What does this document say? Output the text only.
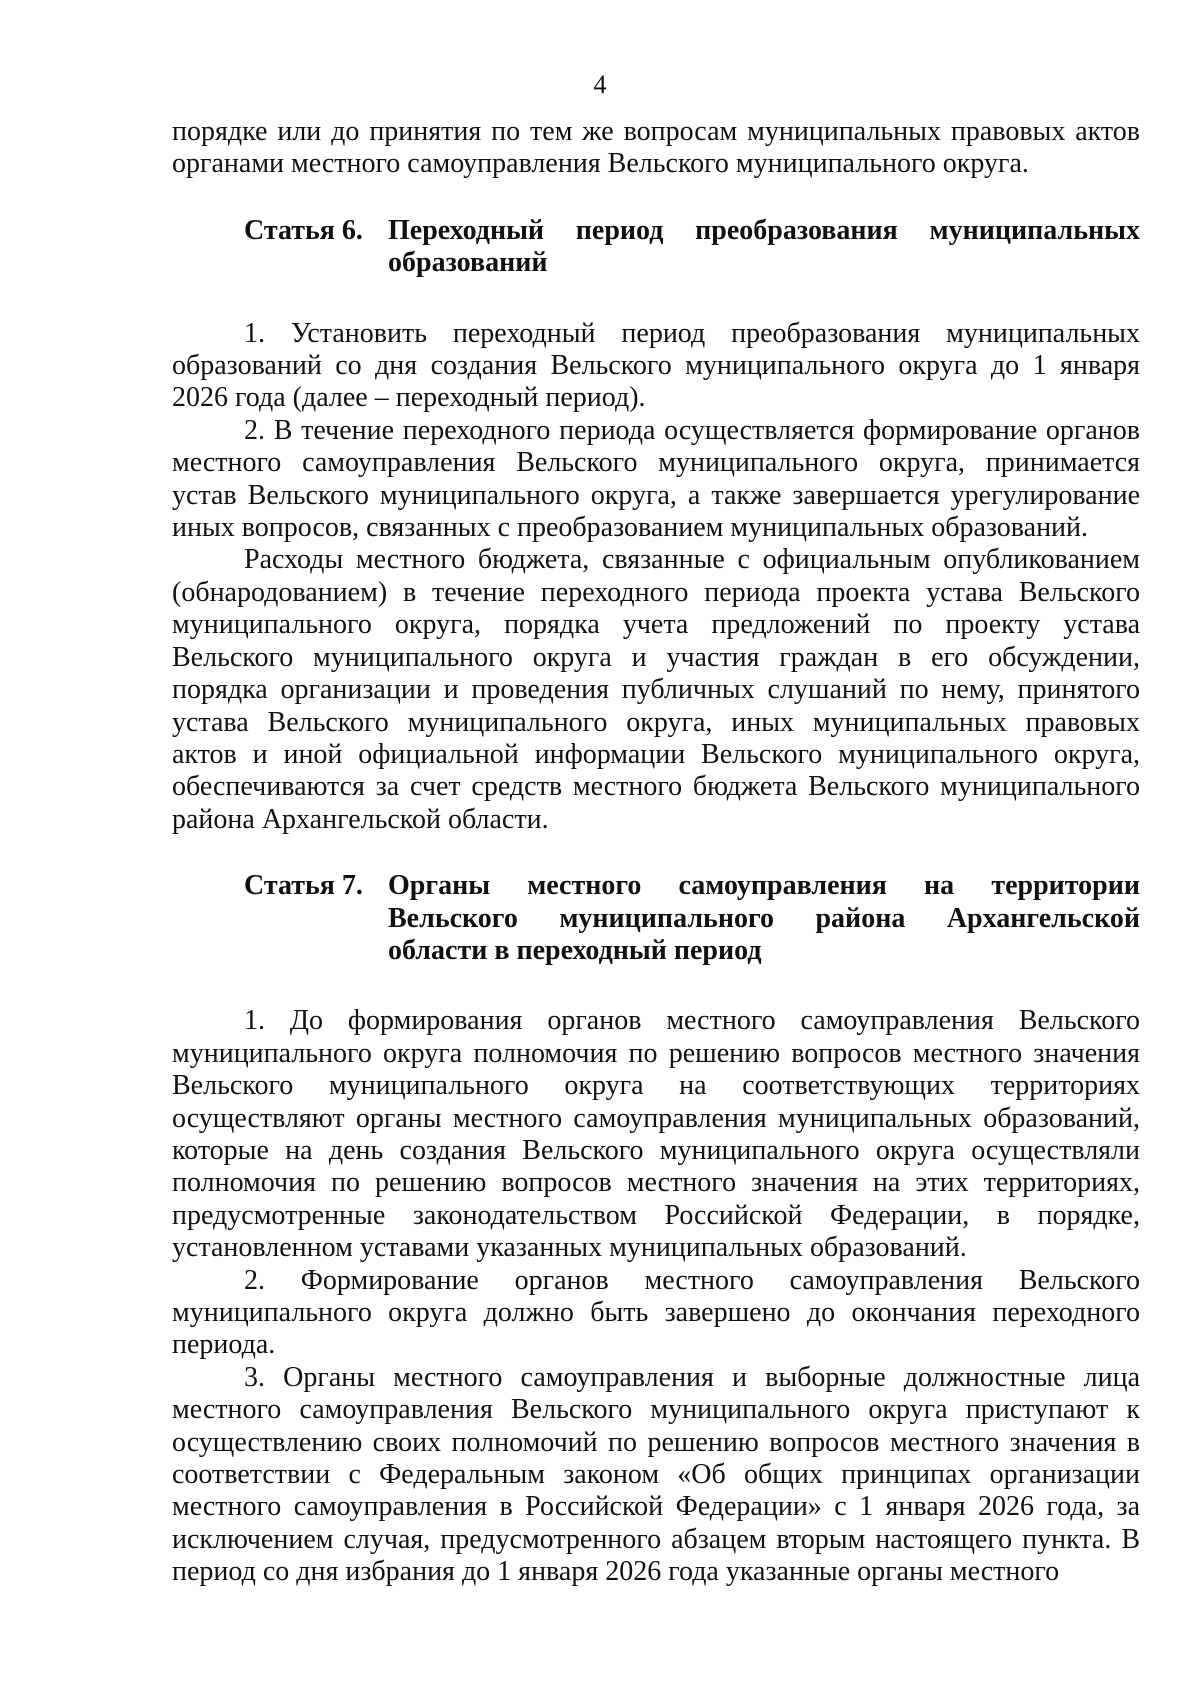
4

порядке или до принятия по тем же вопросам муниципальных правовых актов органами местного самоуправления Вельского муниципального округа.

Статья 6. Переходный период преобразования муниципальных образований

1. Установить переходный период преобразования муниципальных образований со дня создания Вельского муниципального округа до 1 января 2026 года (далее – переходный период).

2. В течение переходного периода осуществляется формирование органов местного самоуправления Вельского муниципального округа, принимается устав Вельского муниципального округа, а также завершается урегулирование иных вопросов, связанных с преобразованием муниципальных образований.

Расходы местного бюджета, связанные с официальным опубликованием (обнародованием) в течение переходного периода проекта устава Вельского муниципального округа, порядка учета предложений по проекту устава Вельского муниципального округа и участия граждан в его обсуждении, порядка организации и проведения публичных слушаний по нему, принятого устава Вельского муниципального округа, иных муниципальных правовых актов и иной официальной информации Вельского муниципального округа, обеспечиваются за счет средств местного бюджета Вельского муниципального района Архангельской области.

Статья 7. Органы местного самоуправления на территории Вельского муниципального района Архангельской области в переходный период

1. До формирования органов местного самоуправления Вельского муниципального округа полномочия по решению вопросов местного значения Вельского муниципального округа на соответствующих территориях осуществляют органы местного самоуправления муниципальных образований, которые на день создания Вельского муниципального округа осуществляли полномочия по решению вопросов местного значения на этих территориях, предусмотренные законодательством Российской Федерации, в порядке, установленном уставами указанных муниципальных образований.

2. Формирование органов местного самоуправления Вельского муниципального округа должно быть завершено до окончания переходного периода.

3. Органы местного самоуправления и выборные должностные лица местного самоуправления Вельского муниципального округа приступают к осуществлению своих полномочий по решению вопросов местного значения в соответствии с Федеральным законом «Об общих принципах организации местного самоуправления в Российской Федерации» с 1 января 2026 года, за исключением случая, предусмотренного абзацем вторым настоящего пункта. В период со дня избрания до 1 января 2026 года указанные органы местного
